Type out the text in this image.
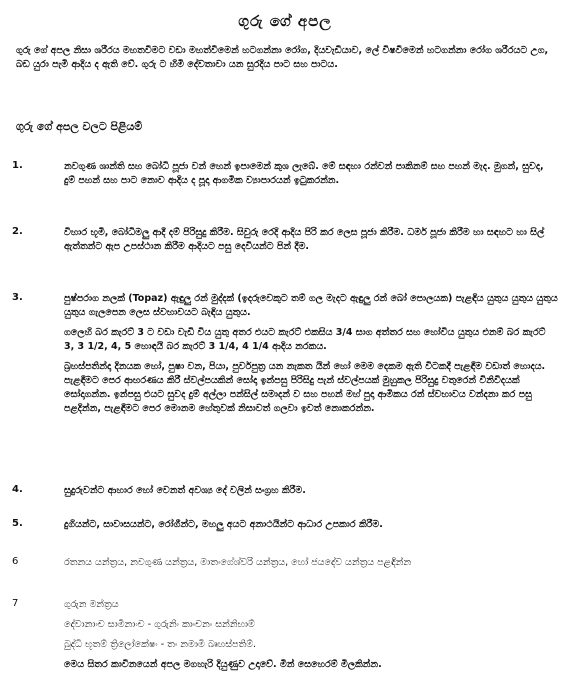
ගුරු ගේ අපල
ගුරු ගේ අපල නිසා ශරීරය මහතවීමට වඩා මහත්වීමෙන් හටගන්නා රෝග, දියවැඩියාව, ලේ විෂවීමෙන් හටගන්නා රෝග ශරීරයට උග, බඩ යුරා පැමි ආදිය ද ඇති වේ. ගුරු ට හිමි දේවතාවා යන සුරදිය පාට සහ පාටය.
ගුරු ගේ අපල වලට පිළියම්
1.	නවගුණ ශාන්ති සහ බෝධි පූජා වන් හෙන් ඉපාමෙන් කුශ ලැබේ. මේ සඳහා රන්වන් පාකිනම් සහ පහන් මැද. මුගන්, සුවද, දුම් පහන් සහ පාට නොව ආදිය ද පූදා ආගමික ව්‍යාපාරයන් ඉටුකරන්න.

2.	විහාර භූමි, බෝධිමලු ආදී දම් පිරිසුදු කිරීම. සිවුරු රෙදි ආදිය පිරි කර ලෙස පූජා කිරීම. ධර්ම පූජා කිරීම හා සඳහට හා සිල් ඇත්තන්ට ඇප උපස්ථාන කිරීම ආදියට පසු දෙවියන්ට පින් දීම.

3.	පුෂ්පරාග නලක් (Topaz) ඇඳුලු රන් මුද්දක් (ඉදරුවෙකුට තම් ගල මැදට ඇඳුලු රන් බෝ පොලයක) පැළඳිය යුතුය යුතුය යුතුය යුතුය ගැලපෙන ලෙස ස්වභාවයට බැඳිය යුතුය.

ගලෙහි බර කැරට් 3 ට වඩා වැඩි විය යුතු අතර එයට කැරට් එකසිය 3/4 සාග අත්තර සහ හෝවිය යුතුය එනම් බර කැරට් 3, 3 1/2, 4, 5 හොඳයි බර කැරට් 3 1/4, 4 1/4 ආදිය නරකය.

බ්‍රහස්පතින්දා දිනයක හෝ, පුෂා වන, පියා, පුර්වපුත්‍ර යන නැකත යින් හෝ මෙම දෙකම ඇති විටකදී පැළඳීම වඩාත් හොදය. පැළඳීමට පෙර ආභරණය කිරී ස්වල්පයකින් සෝදා ඉන්පසු පිරිසිදු පැන් ස්වල්පයක් මුහුකල පිරිසුදු වතුරෙන් විනිවිදයක් සෝදාගන්න. ඉන්පසු එයට සුවද දුම් අල්ලා පන්සිල් සමාදන් ව සහ පහන් මහ් පුදා ආමිකය රන් ස්වභාවය වන්දනා කර පසු පළදින්න, පැළඳීමට පෙර මොනම හේතුවක් නිසාවත් ගලවා ඉවත් නොකරන්න.

4.	සුදුරුවන්ට ආහාර හෝ වෙනත් අවශ්‍ය දේ වලින් සංග්‍රහ කිරීම.

5.	දුගියන්ට, සාවාසයන්ට, රෝගීන්ට, මහලු අයට අනාථයින්ට ආධාර උපකාර කිරීම.

6	රතනය යන්ත්‍රය, නවගුණ යන්ත්‍රය, මාතංගේශ්වරි යන්ත්‍රය, හෝ ජයදේව යන්ත්‍රය පළඳින්න

7	ගුරුන මන්ත්‍රය

දේවානාංච සාමීනාංච - ගුරුනිං කාංචනං සන්නිභාම්

බුද්ධි භූතම් ත්‍රිලෝකේෂං - තං නමාමි බෘහස්පතිම්.

මෙය සිතර කාවිනයෙන් අපල මගහැරි දියුණුව උදාවේ. මින් සෙහෙරම් මිලකින්න.
